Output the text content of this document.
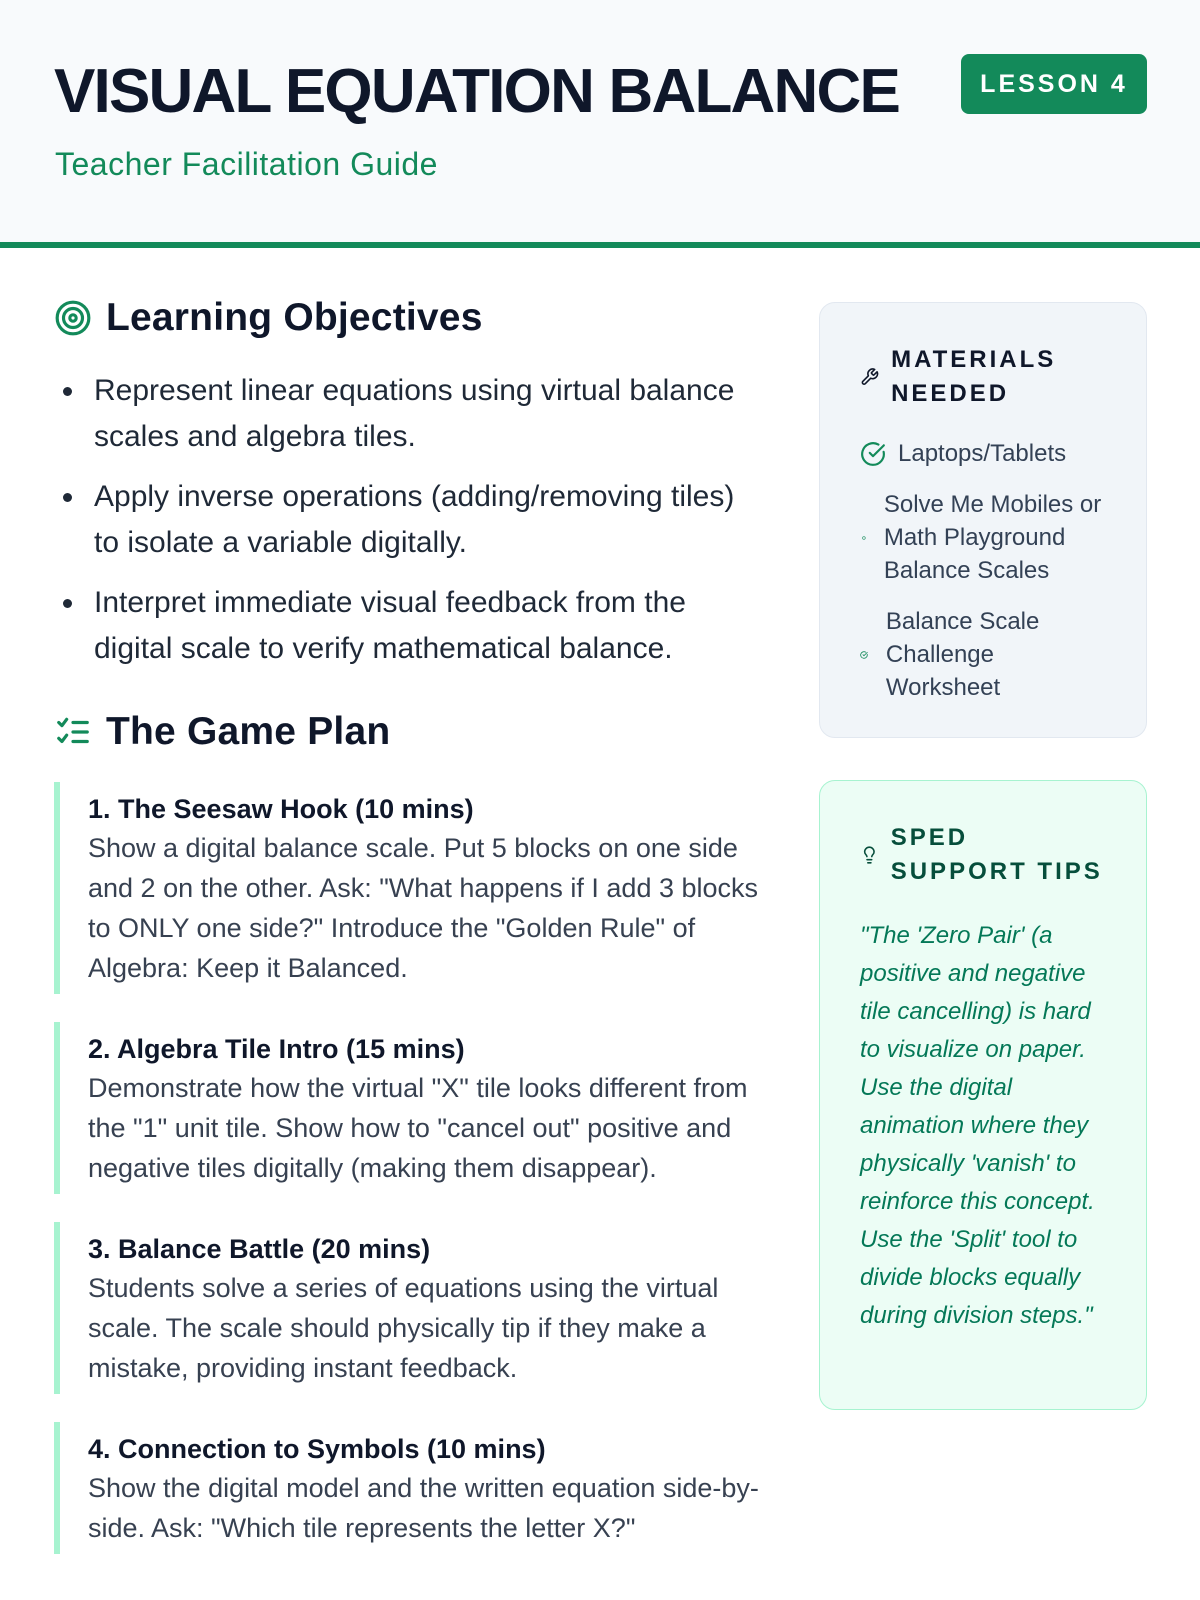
VISUAL EQUATION BALANCE
Teacher Facilitation Guide
LESSON 4
Learning Objectives
Represent linear equations using virtual balance scales and algebra tiles.
Apply inverse operations (adding/removing tiles) to isolate a variable digitally.
Interpret immediate visual feedback from the digital scale to verify mathematical balance.
The Game Plan
1. The Seesaw Hook (10 mins)
Show a digital balance scale. Put 5 blocks on one side and 2 on the other. Ask: "What happens if I add 3 blocks to ONLY one side?" Introduce the "Golden Rule" of Algebra: Keep it Balanced.
2. Algebra Tile Intro (15 mins)
Demonstrate how the virtual "X" tile looks different from the "1" unit tile. Show how to "cancel out" positive and negative tiles digitally (making them disappear).
3. Balance Battle (20 mins)
Students solve a series of equations using the virtual scale. The scale should physically tip if they make a mistake, providing instant feedback.
4. Connection to Symbols (10 mins)
Show the digital model and the written equation side-by-side. Ask: "Which tile represents the letter X?"
MATERIALS NEEDED
Laptops/Tablets
Solve Me Mobiles or Math Playground Balance Scales
Balance Scale Challenge Worksheet
SPED SUPPORT TIPS
"The 'Zero Pair' (a positive and negative tile cancelling) is hard to visualize on paper. Use the digital animation where they physically 'vanish' to reinforce this concept. Use the 'Split' tool to divide blocks equally during division steps."
